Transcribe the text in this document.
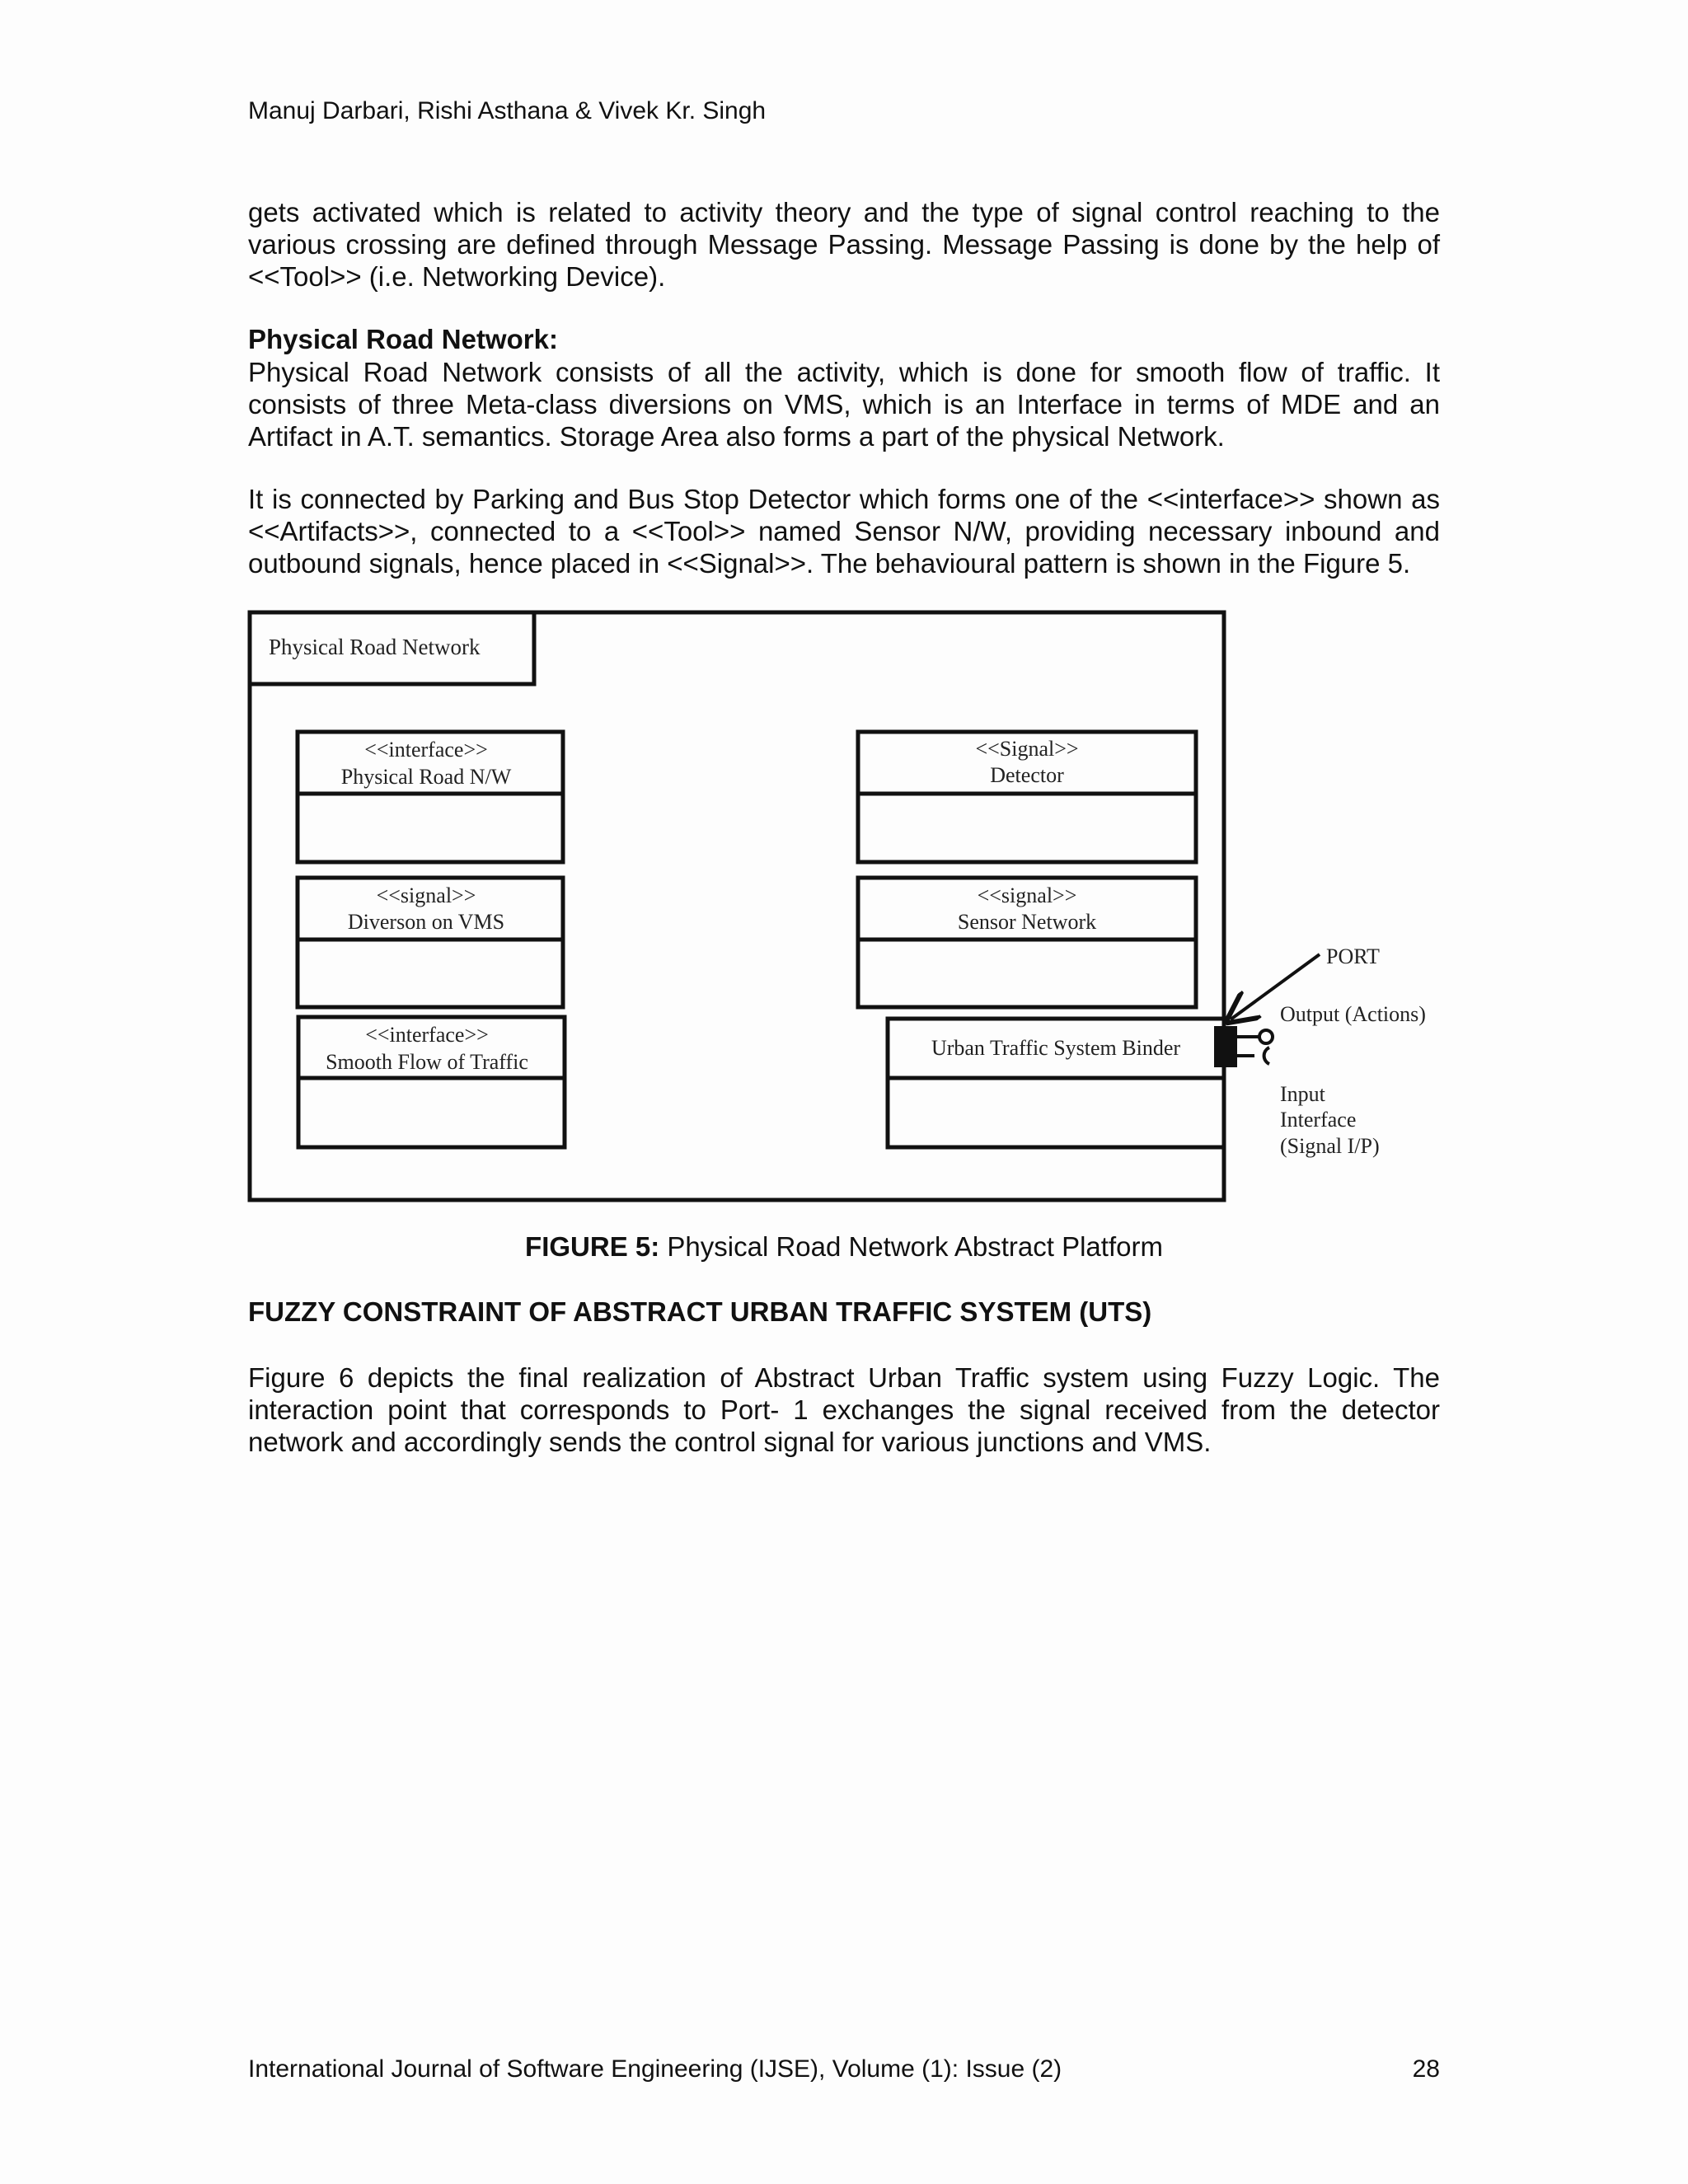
Manuj Darbari, Rishi Asthana & Vivek Kr. Singh

gets activated which is related to activity theory and the type of signal control reaching to the various crossing are defined through Message Passing. Message Passing is done by the help of <<Tool>> (i.e. Networking Device).

Physical Road Network:

Physical Road Network consists of all the activity, which is done for smooth flow of traffic. It consists of three Meta-class diversions on VMS, which is an Interface in terms of MDE and an Artifact in A.T. semantics. Storage Area also forms a part of the physical Network.

It is connected by Parking and Bus Stop Detector which forms one of the <<interface>> shown as <<Artifacts>>, connected to a <<Tool>> named Sensor N/W, providing necessary inbound and outbound signals, hence placed in <<Signal>>. The behavioural pattern is shown in the Figure 5.

Physical Road Network
<<interface>>
Physical Road N/W
<<signal>>
Diverson on VMS
<<interface>>
Smooth Flow of Traffic
<<Signal>>
Detector
<<signal>>
Sensor Network
Urban Traffic System Binder
PORT
Output (Actions)
Input
Interface
(Signal I/P)
FIGURE 5: Physical Road Network Abstract Platform

FUZZY CONSTRAINT OF ABSTRACT URBAN TRAFFIC SYSTEM (UTS)

Figure 6 depicts the final realization of Abstract Urban Traffic system using Fuzzy Logic. The interaction point that corresponds to Port- 1 exchanges the signal received from the detector network and accordingly sends the control signal for various junctions and VMS.

International Journal of Software Engineering (IJSE), Volume (1): Issue (2)	28
